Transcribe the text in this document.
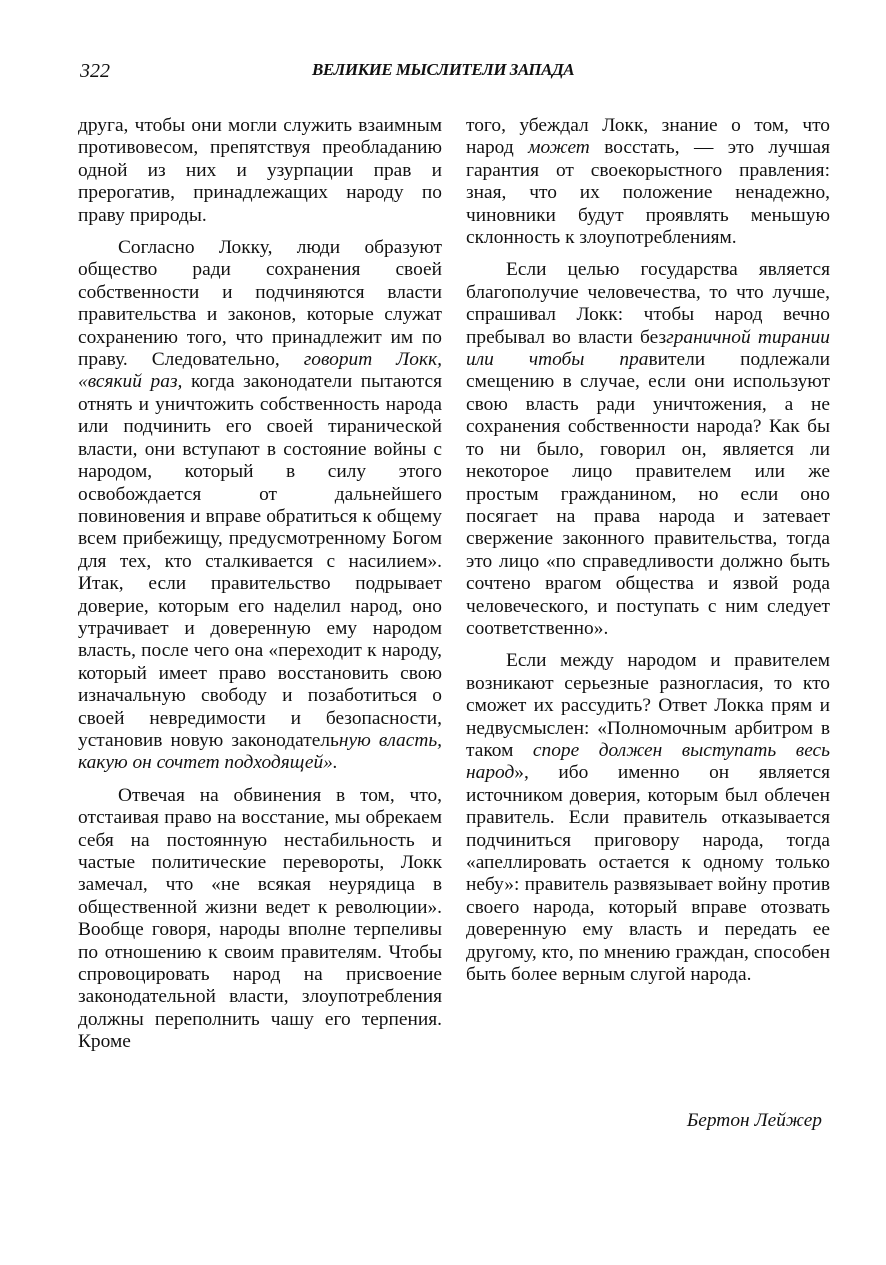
322	ВЕЛИКИЕ МЫСЛИТЕЛИ ЗАПАДА

друга, чтобы они могли служить взаимным противовесом, препятствуя преобладанию одной из них и узурпации прав и прерогатив, принадлежащих народу по праву природы.

Согласно Локку, люди образуют общество ради сохранения своей собственности и подчиняются власти правительства и законов, которые служат сохранению того, что принадлежит им по праву. Следовательно, говорит Локк, «всякий раз, когда законодатели пытаются отнять и уничтожить собственность народа или подчинить его своей тиранической власти, они вступают в состояние войны с народом, который в силу этого освобождается от дальнейшего повиновения и вправе обратиться к общему всем прибежищу, предусмотренному Богом для тех, кто сталкивается с насилием». Итак, если правительство подрывает доверие, которым его наделил народ, оно утрачивает и доверенную ему народом власть, после чего она «переходит к народу, который имеет право восстановить свою изначальную свободу и позаботиться о своей невредимости и безопасности, установив новую законодательную власть, какую он сочтет подходящей».

Отвечая на обвинения в том, что, отстаивая право на восстание, мы обрекаем себя на постоянную нестабильность и частые политические перевороты, Локк замечал, что «не всякая неурядица в общественной жизни ведет к революции». Вообще говоря, народы вполне терпеливы по отношению к своим правителям. Чтобы спровоцировать народ на присвоение законодательной власти, злоупотребления должны переполнить чашу его терпения. Кроме

того, убеждал Локк, знание о том, что народ может восстать, — это лучшая гарантия от своекорыстного правления: зная, что их положение ненадежно, чиновники будут проявлять меньшую склонность к злоупотреблениям.

Если целью государства является благополучие человечества, то что лучше, спрашивал Локк: чтобы народ вечно пребывал во власти безграничной тирании или чтобы правители подлежали смещению в случае, если они используют свою власть ради уничтожения, а не сохранения собственности народа? Как бы то ни было, говорил он, является ли некоторое лицо правителем или же простым гражданином, но если оно посягает на права народа и затевает свержение законного правительства, тогда это лицо «по справедливости должно быть сочтено врагом общества и язвой рода человеческого, и поступать с ним следует соответственно».

Если между народом и правителем возникают серьезные разногласия, то кто сможет их рассудить? Ответ Локка прям и недвусмыслен: «Полномочным арбитром в таком споре должен выступать весь народ», ибо именно он является источником доверия, которым был облечен правитель. Если правитель отказывается подчиниться приговору народа, тогда «апеллировать остается к одному только небу»: правитель развязывает войну против своего народа, который вправе отозвать доверенную ему власть и передать ее другому, кто, по мнению граждан, способен быть более верным слугой народа.

Бертон Лейжер
